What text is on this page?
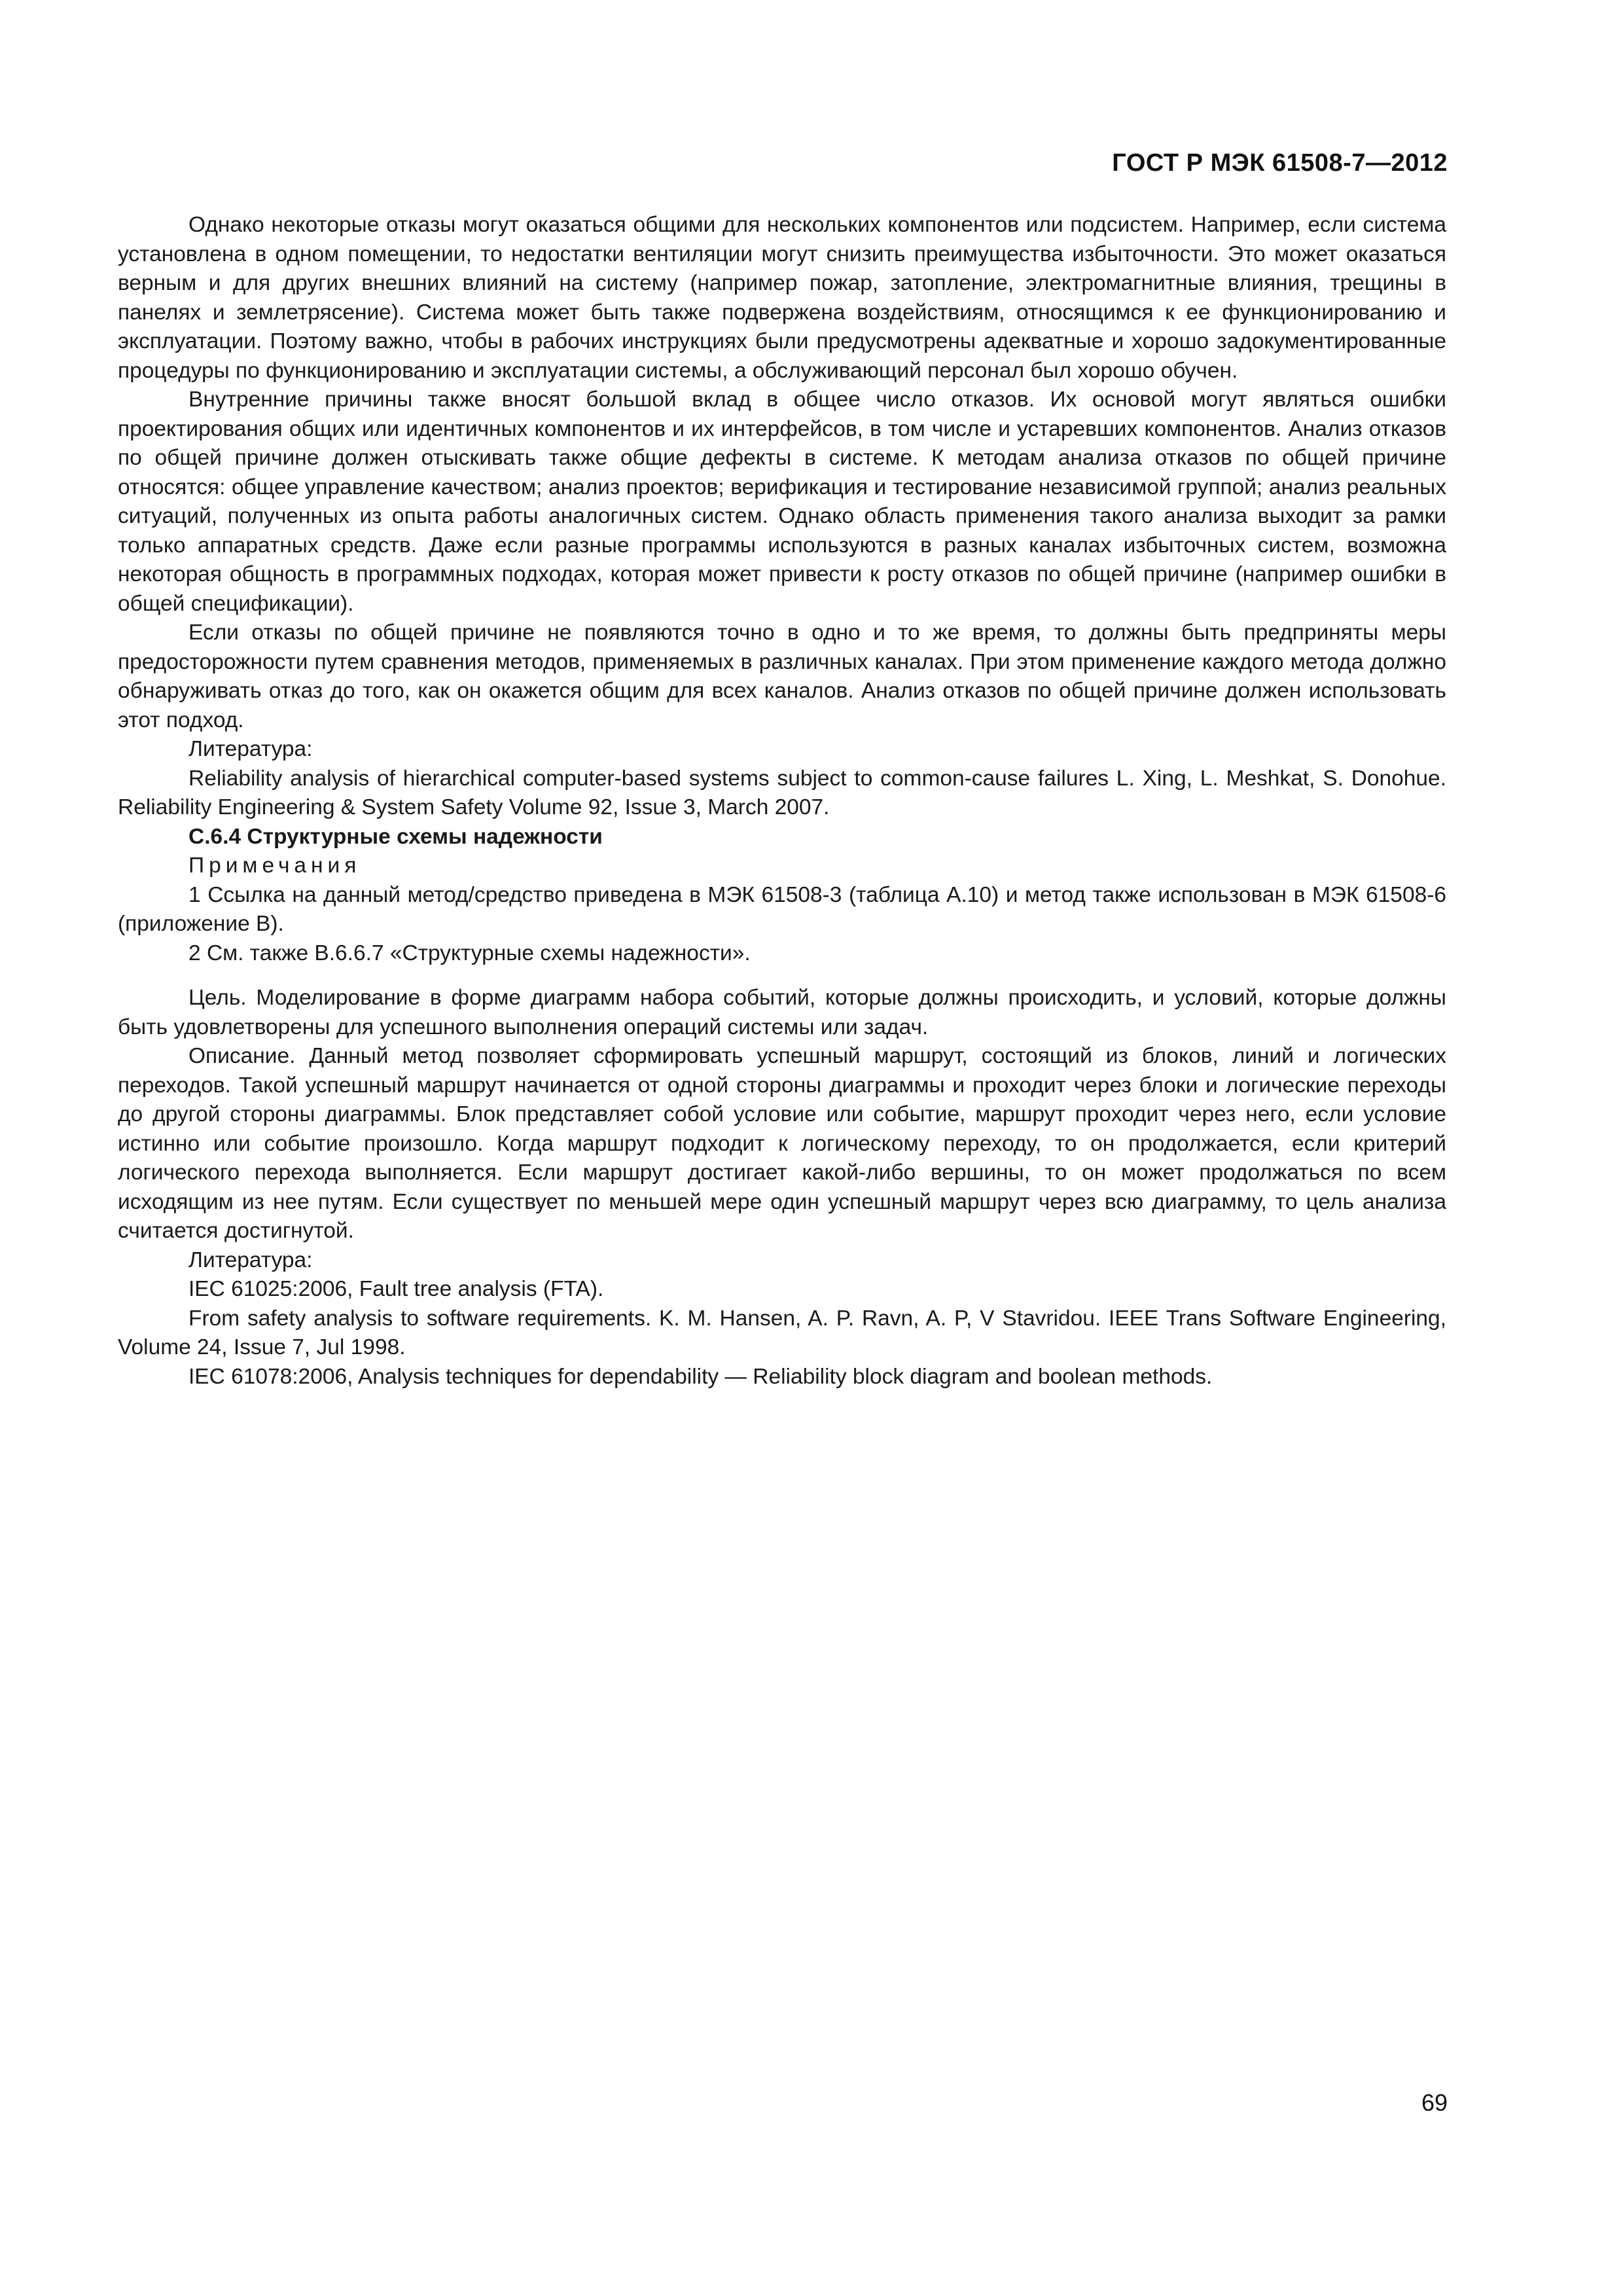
ГОСТ Р МЭК 61508-7—2012

Однако некоторые отказы могут оказаться общими для нескольких компонентов или подсистем. Например, если система установлена в одном помещении, то недостатки вентиляции могут снизить преимущества избыточности. Это может оказаться верным и для других внешних влияний на систему (например пожар, затопление, электромагнитные влияния, трещины в панелях и землетрясение). Система может быть также подвержена воздействиям, относящимся к ее функционированию и эксплуатации. Поэтому важно, чтобы в рабочих инструкциях были предусмотрены адекватные и хорошо задокументированные процедуры по функционированию и эксплуатации системы, а обслуживающий персонал был хорошо обучен.

Внутренние причины также вносят большой вклад в общее число отказов. Их основой могут являться ошибки проектирования общих или идентичных компонентов и их интерфейсов, в том числе и устаревших компонентов. Анализ отказов по общей причине должен отыскивать также общие дефекты в системе. К методам анализа отказов по общей причине относятся: общее управление качеством; анализ проектов; верификация и тестирование независимой группой; анализ реальных ситуаций, полученных из опыта работы аналогичных систем. Однако область применения такого анализа выходит за рамки только аппаратных средств. Даже если разные программы используются в разных каналах избыточных систем, возможна некоторая общность в программных подходах, которая может привести к росту отказов по общей причине (например ошибки в общей спецификации).

Если отказы по общей причине не появляются точно в одно и то же время, то должны быть предприняты меры предосторожности путем сравнения методов, применяемых в различных каналах. При этом применение каждого метода должно обнаруживать отказ до того, как он окажется общим для всех каналов. Анализ отказов по общей причине должен использовать этот подход.

Литература:

Reliability analysis of hierarchical computer-based systems subject to common-cause failures L. Xing, L. Meshkat, S. Donohue. Reliability Engineering & System Safety Volume 92, Issue 3, March 2007.

C.6.4 Структурные схемы надежности

Примечания

1 Ссылка на данный метод/средство приведена в МЭК 61508-3 (таблица А.10) и метод также использован в МЭК 61508-6 (приложение В).

2 См. также В.6.6.7 «Структурные схемы надежности».

Цель. Моделирование в форме диаграмм набора событий, которые должны происходить, и условий, которые должны быть удовлетворены для успешного выполнения операций системы или задач.

Описание. Данный метод позволяет сформировать успешный маршрут, состоящий из блоков, линий и логических переходов. Такой успешный маршрут начинается от одной стороны диаграммы и проходит через блоки и логические переходы до другой стороны диаграммы. Блок представляет собой условие или событие, маршрут проходит через него, если условие истинно или событие произошло. Когда маршрут подходит к логическому переходу, то он продолжается, если критерий логического перехода выполняется. Если маршрут достигает какой-либо вершины, то он может продолжаться по всем исходящим из нее путям. Если существует по меньшей мере один успешный маршрут через всю диаграмму, то цель анализа считается достигнутой.

Литература:

IEC 61025:2006, Fault tree analysis (FTA).

From safety analysis to software requirements. K. M. Hansen, A. P. Ravn, A. P, V Stavridou. IEEE Trans Software Engineering, Volume 24, Issue 7, Jul 1998.

IEC 61078:2006, Analysis techniques for dependability — Reliability block diagram and boolean methods.

69
